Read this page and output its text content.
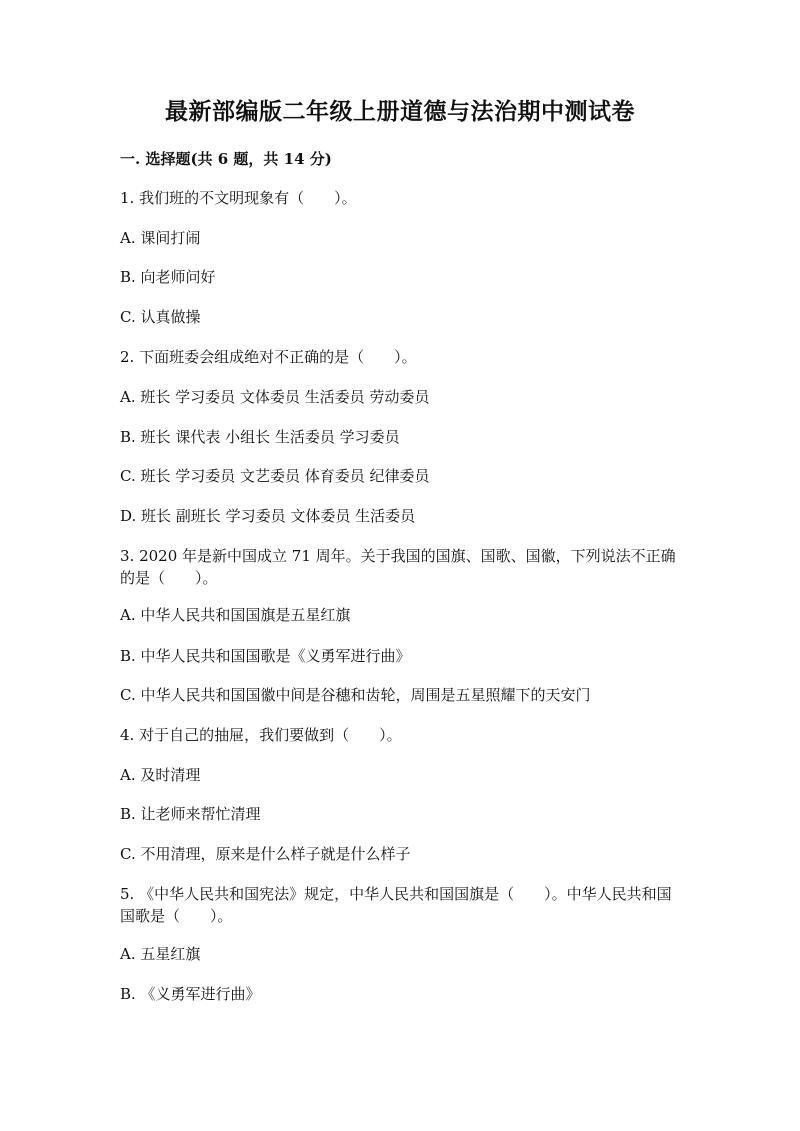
最新部编版二年级上册道德与法治期中测试卷
一. 选择题(共 6 题，共 14 分)
1. 我们班的不文明现象有（　　）。
A. 课间打闹
B. 向老师问好
C. 认真做操
2. 下面班委会组成绝对不正确的是（　　）。
A. 班长 学习委员 文体委员 生活委员 劳动委员
B. 班长 课代表 小组长 生活委员 学习委员
C. 班长 学习委员 文艺委员 体育委员 纪律委员
D. 班长 副班长 学习委员 文体委员 生活委员
3. 2020 年是新中国成立 71 周年。关于我国的国旗、国歌、国徽，下列说法不正确的是（　　）。
A. 中华人民共和国国旗是五星红旗
B. 中华人民共和国国歌是《义勇军进行曲》
C. 中华人民共和国国徽中间是谷穗和齿轮，周围是五星照耀下的天安门
4. 对于自己的抽屉，我们要做到（　　）。
A. 及时清理
B. 让老师来帮忙清理
C. 不用清理，原来是什么样子就是什么样子
5. 《中华人民共和国宪法》规定，中华人民共和国国旗是（　　）。中华人民共和国国歌是（　　）。
A. 五星红旗
B. 《义勇军进行曲》
